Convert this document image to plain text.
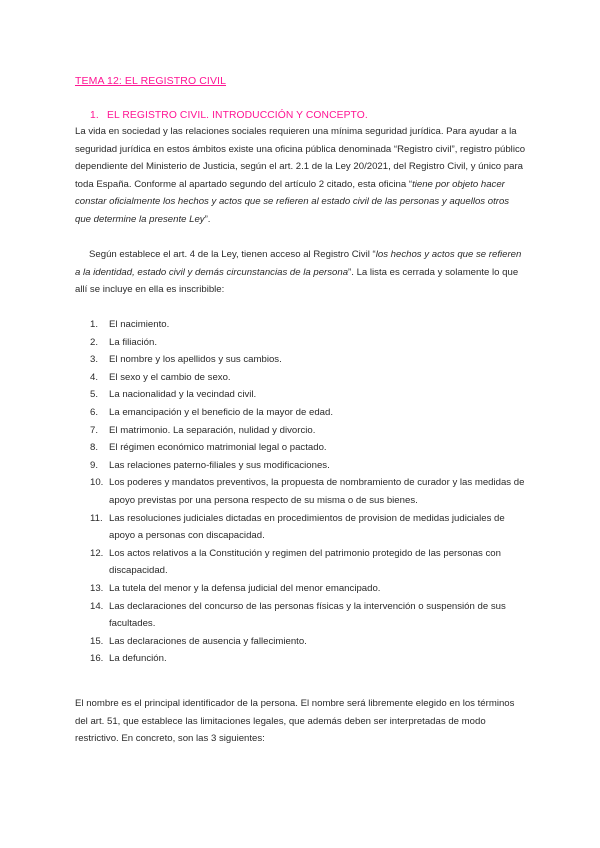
TEMA 12: EL REGISTRO CIVIL
1. EL REGISTRO CIVIL. INTRODUCCIÓN Y CONCEPTO.
La vida en sociedad y las relaciones sociales requieren una mínima seguridad jurídica. Para ayudar a la seguridad jurídica en estos ámbitos existe una oficina pública denominada “Registro civil”, registro público dependiente del Ministerio de Justicia, según el art. 2.1 de la Ley 20/2021, del Registro Civil, y único para toda España. Conforme al apartado segundo del artículo 2 citado, esta oficina “tiene por objeto hacer constar oficialmente los hechos y actos que se refieren al estado civil de las personas y aquellos otros que determine la presente Ley”.
Según establece el art. 4 de la Ley, tienen acceso al Registro Civil “los hechos y actos que se refieren a la identidad, estado civil y demás circunstancias de la persona”. La lista es cerrada y solamente lo que allí se incluye en ella es inscribible:
1. El nacimiento.
2. La filiación.
3. El nombre y los apellidos y sus cambios.
4. El sexo y el cambio de sexo.
5. La nacionalidad y la vecindad civil.
6. La emancipación y el beneficio de la mayor de edad.
7. El matrimonio. La separación, nulidad y divorcio.
8. El régimen económico matrimonial legal o pactado.
9. Las relaciones paterno-filiales y sus modificaciones.
10. Los poderes y mandatos preventivos, la propuesta de nombramiento de curador y las medidas de apoyo previstas por una persona respecto de su misma o de sus bienes.
11. Las resoluciones judiciales dictadas en procedimientos de provision de medidas judiciales de apoyo a personas con discapacidad.
12. Los actos relativos a la Constitución y regimen del patrimonio protegido de las personas con discapacidad.
13. La tutela del menor y la defensa judicial del menor emancipado.
14. Las declaraciones del concurso de las personas físicas y la intervención o suspensión de sus facultades.
15. Las declaraciones de ausencia y fallecimiento.
16. La defunción.
El nombre es el principal identificador de la persona. El nombre será libremente elegido en los términos del art. 51, que establece las limitaciones legales, que además deben ser interpretadas de modo restrictivo. En concreto, son las 3 siguientes:
